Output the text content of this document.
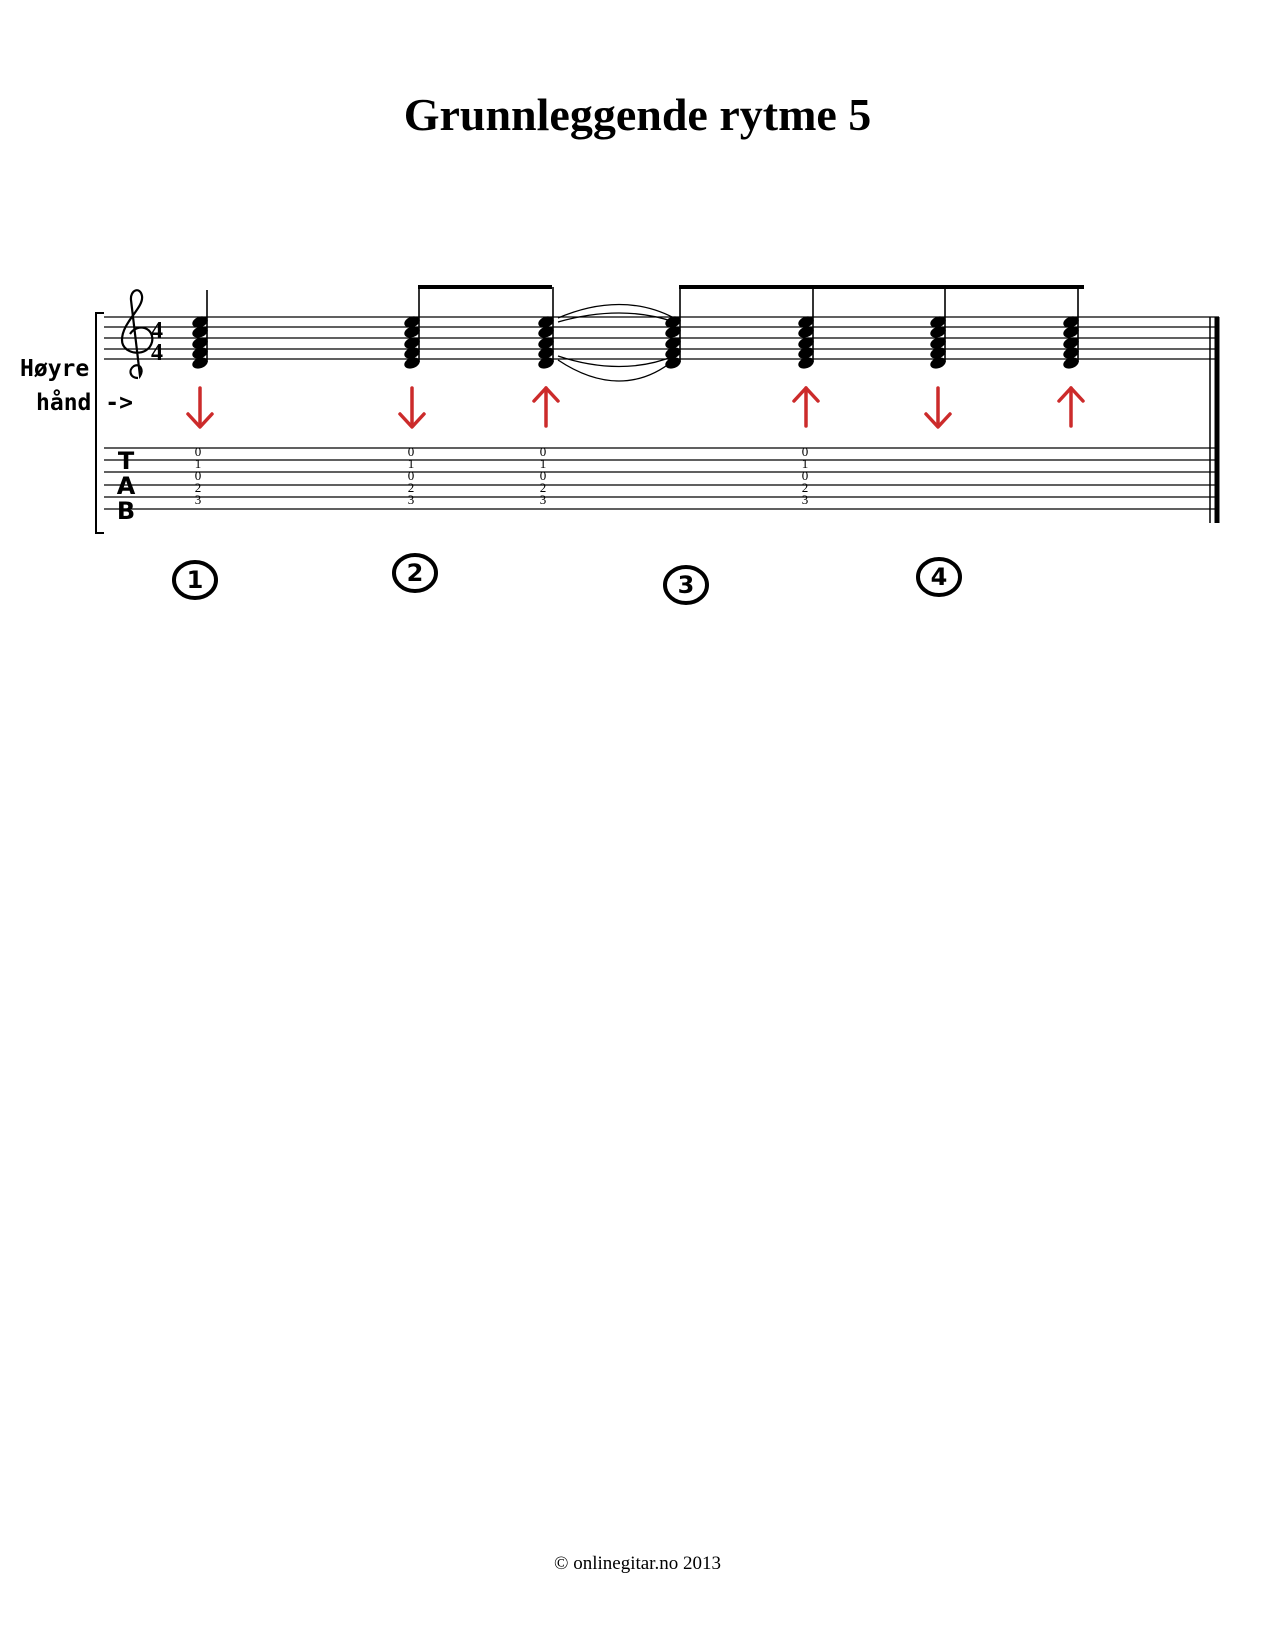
Grunnleggende rytme 5
Høyre
hånd ->
4
4
T
A
B
0
1
0
2
3
0
1
0
2
3
0
1
0
2
3
0
1
0
2
3
1	2	3	4
© onlinegitar.no 2013
